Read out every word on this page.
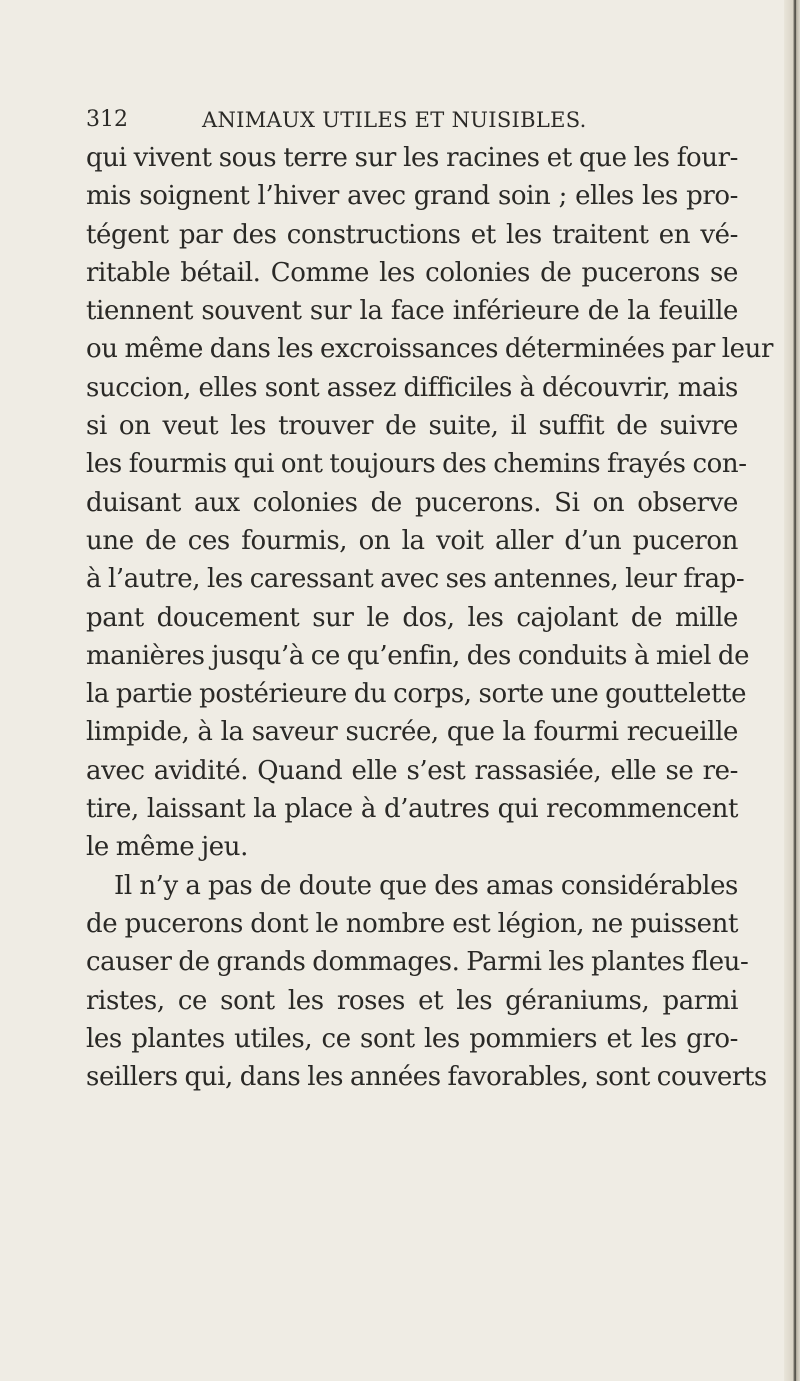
312	ANIMAUX UTILES ET NUISIBLES.
qui vivent sous terre sur les racines et que les four-
mis soignent l’hiver avec grand soin ; elles les pro-
tégent par des constructions et les traitent en vé-
ritable bétail. Comme les colonies de pucerons se
tiennent souvent sur la face inférieure de la feuille
ou même dans les excroissances déterminées par leur
succion, elles sont assez difficiles à découvrir, mais
si on veut les trouver de suite, il suffit de suivre
les fourmis qui ont toujours des chemins frayés con-
duisant aux colonies de pucerons. Si on observe
une de ces fourmis, on la voit aller d’un puceron
à l’autre, les caressant avec ses antennes, leur frap-
pant doucement sur le dos, les cajolant de mille
manières jusqu’à ce qu’enfin, des conduits à miel de
la partie postérieure du corps, sorte une gouttelette
limpide, à la saveur sucrée, que la fourmi recueille
avec avidité. Quand elle s’est rassasiée, elle se re-
tire, laissant la place à d’autres qui recommencent
le même jeu.
Il n’y a pas de doute que des amas considérables
de pucerons dont le nombre est légion, ne puissent
causer de grands dommages. Parmi les plantes fleu-
ristes, ce sont les roses et les géraniums, parmi
les plantes utiles, ce sont les pommiers et les gro-
seillers qui, dans les années favorables, sont couverts
